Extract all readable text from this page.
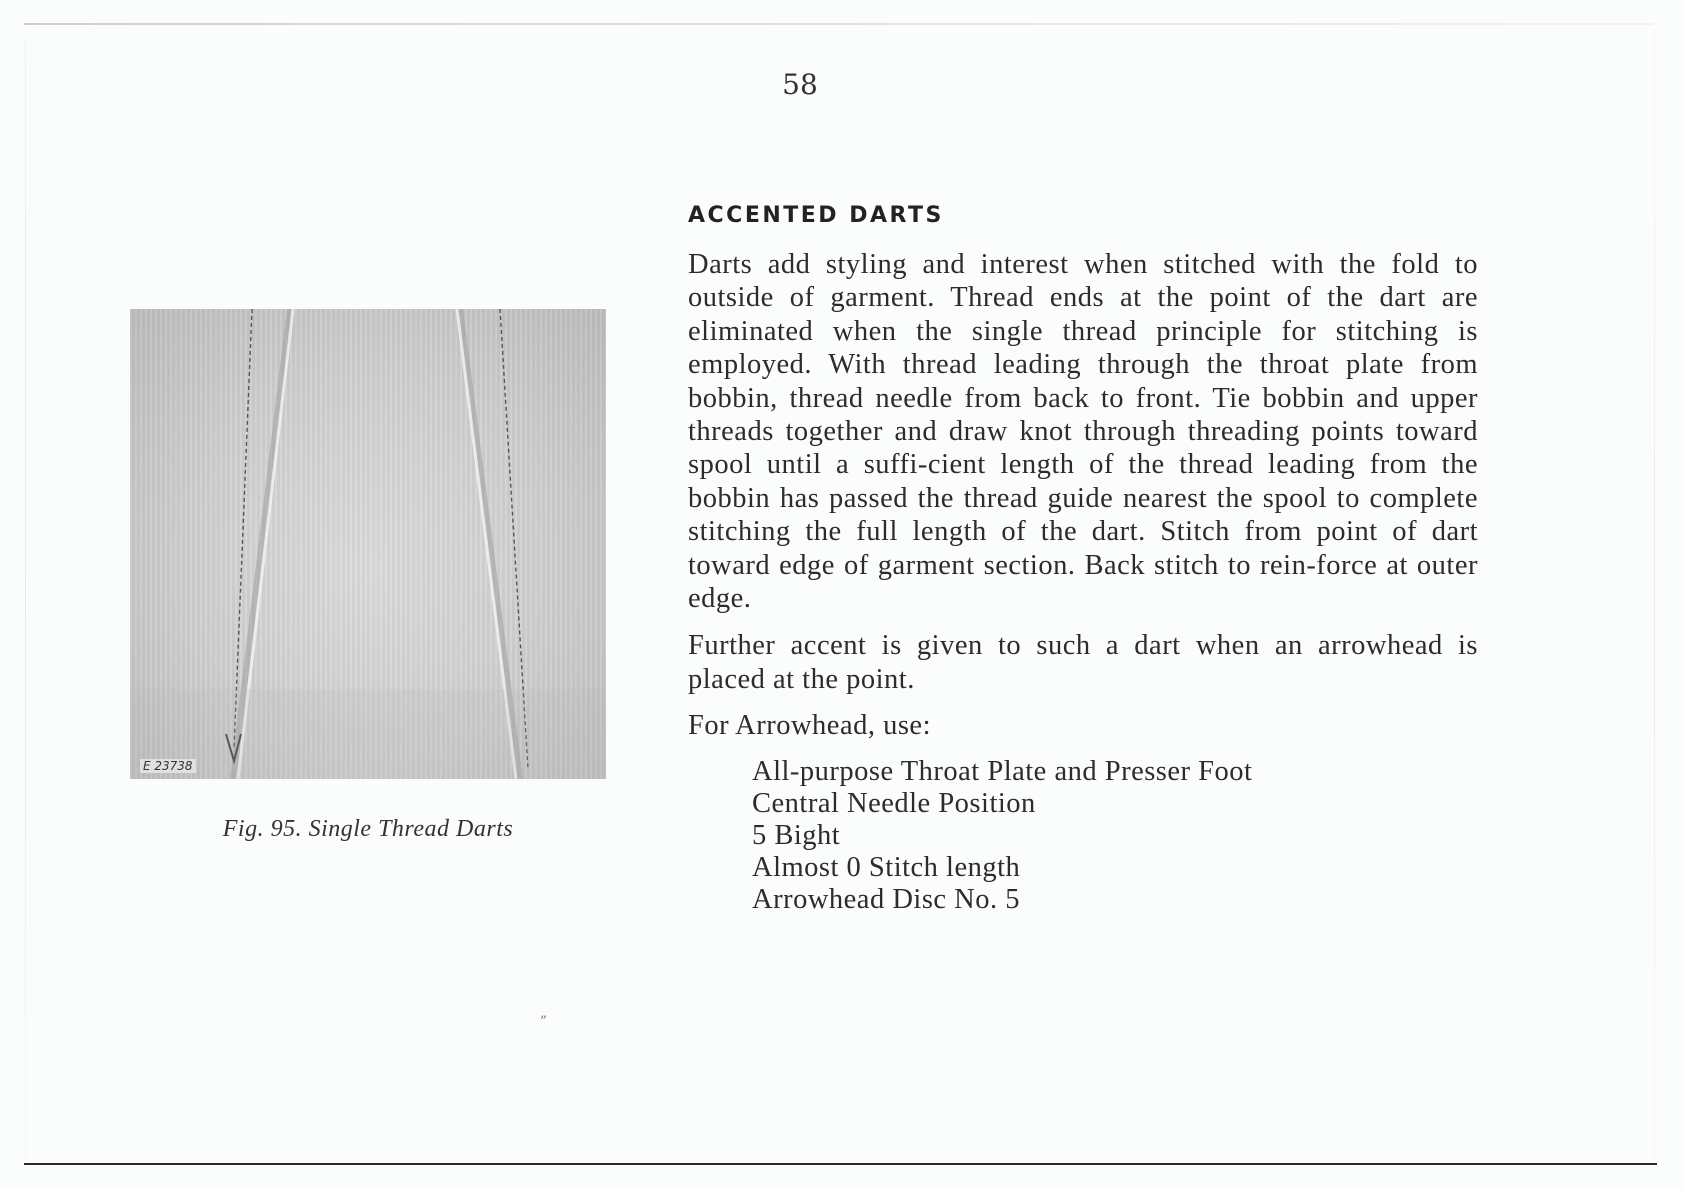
58
E 23738
Fig. 95. Single Thread Darts
ACCENTED DARTS

Darts add styling and interest when stitched with the fold to outside of garment. Thread ends at the point of the dart are eliminated when the single thread principle for stitching is employed. With thread leading through the throat plate from bobbin, thread needle from back to front. Tie bobbin and upper threads together and draw knot through threading points toward spool until a suffi-cient length of the thread leading from the bobbin has passed the thread guide nearest the spool to complete stitching the full length of the dart. Stitch from point of dart toward edge of garment section. Back stitch to rein-force at outer edge.

Further accent is given to such a dart when an arrowhead is placed at the point.

For Arrowhead, use:

All-purpose Throat Plate and Presser Foot
Central Needle Position
5 Bight
Almost 0 Stitch length
Arrowhead Disc No. 5
„
